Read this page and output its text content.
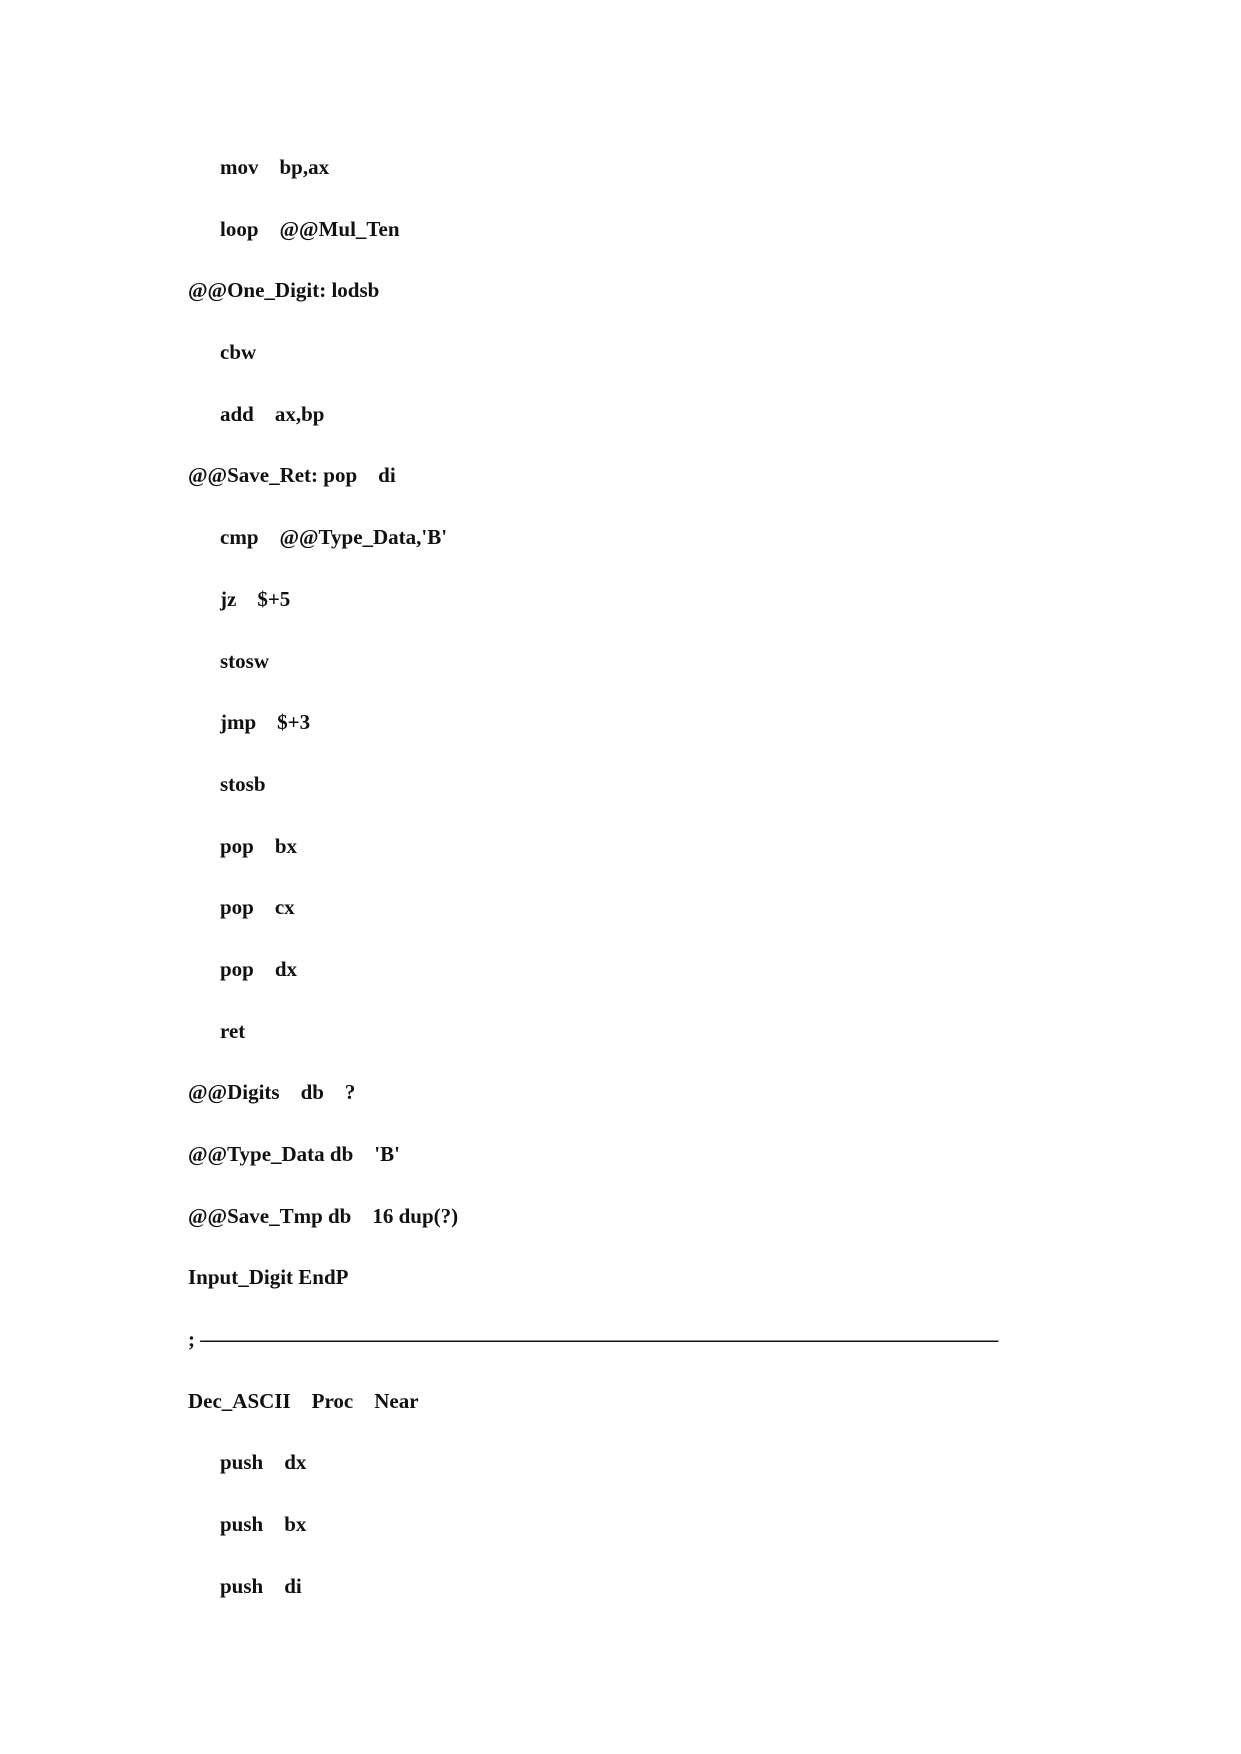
mov    bp,ax
loop    @@Mul_Ten
@@One_Digit: lodsb
cbw
add    ax,bp
@@Save_Ret: pop    di
cmp    @@Type_Data,'B'
jz    $+5
stosw
jmp    $+3
stosb
pop    bx
pop    cx
pop    dx
ret
@@Digits    db    ?
@@Type_Data db    'B'
@@Save_Tmp db    16 dup(?)
Input_Digit EndP
; ——————————————————————————————————————
Dec_ASCII    Proc    Near
push    dx
push    bx
push    di
